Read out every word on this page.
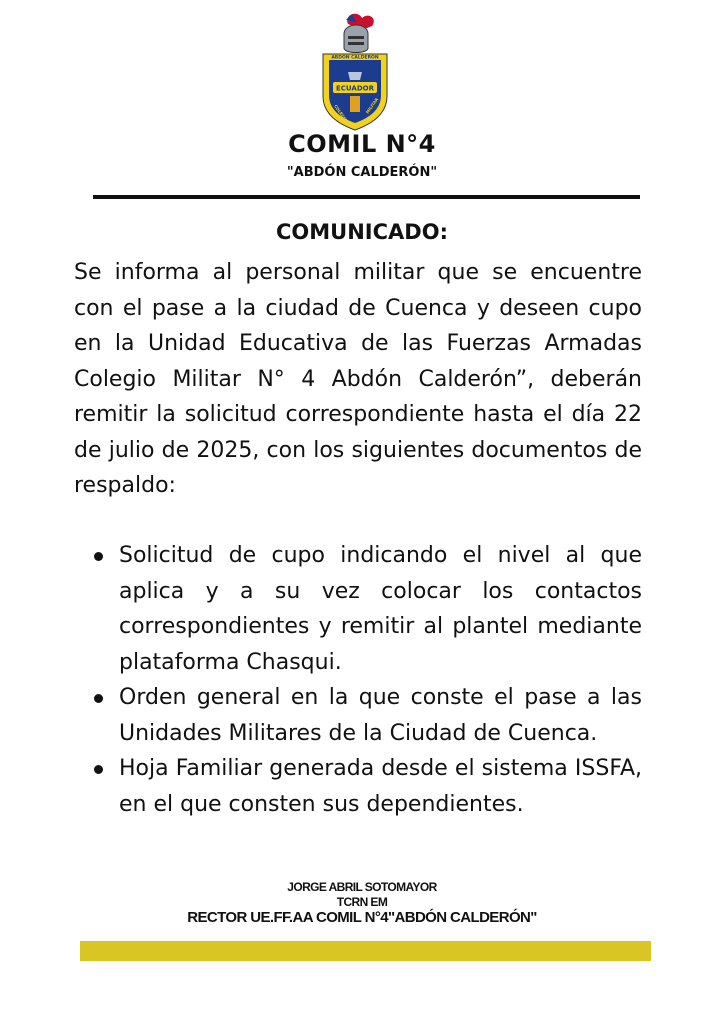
ABDÓN CALDERÓN
ECUADOR
COLEGIO	MILITAR
COMIL N°4
"ABDÓN CALDERÓN"
COMUNICADO:

Se informa al personal militar que se encuentre con el pase a la ciudad de Cuenca y deseen cupo en la Unidad Educativa de las Fuerzas Armadas Colegio Militar N° 4 Abdón Calderón”, deberán remitir la solicitud correspondiente hasta el día 22 de julio de 2025, con los siguientes documentos de respaldo:

Solicitud de cupo indicando el nivel al que aplica y a su vez colocar los contactos correspondientes y remitir al plantel mediante plataforma Chasqui.
Orden general en la que conste el pase a las Unidades Militares de la Ciudad de Cuenca.
Hoja Familiar generada desde el sistema ISSFA, en el que consten sus dependientes.
JORGE ABRIL SOTOMAYOR
TCRN EM
RECTOR UE.FF.AA COMIL N°4"ABDÓN CALDERÓN"
